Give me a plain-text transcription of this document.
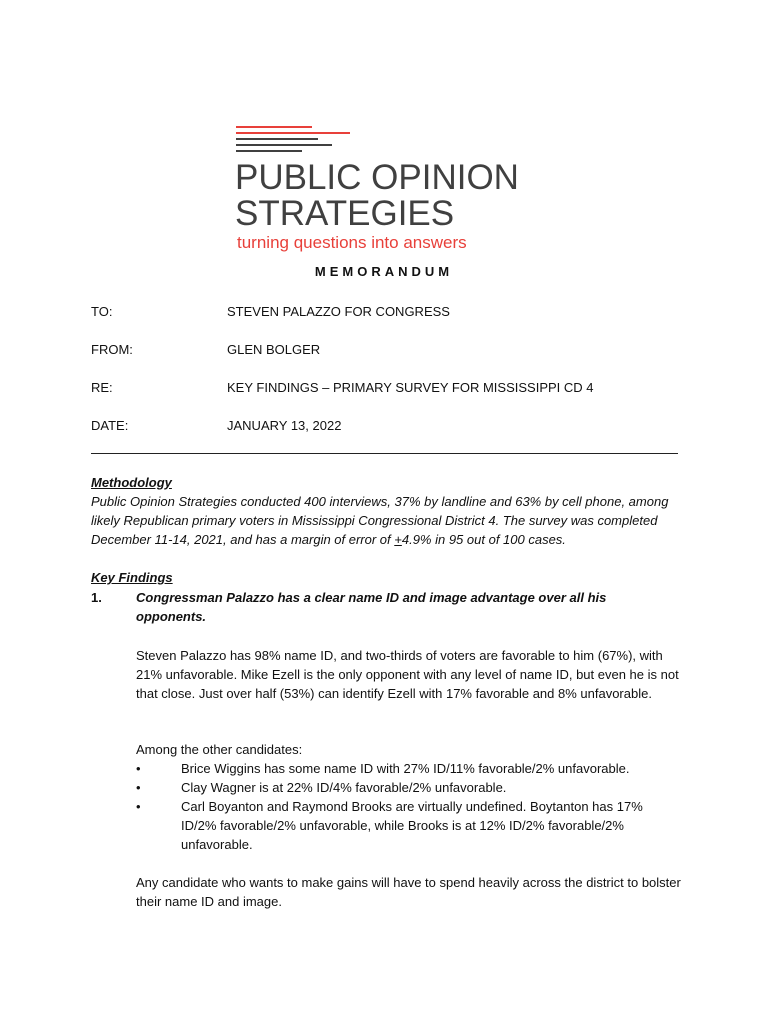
PUBLIC OPINION
STRATEGIES
turning questions into answers
MEMORANDUM
TO:	STEVEN PALAZZO FOR CONGRESS
FROM:	GLEN BOLGER
RE:	KEY FINDINGS – PRIMARY SURVEY FOR MISSISSIPPI CD 4
DATE:	JANUARY 13, 2022
Methodology
Public Opinion Strategies conducted 400 interviews, 37% by landline and 63% by cell phone, among likely Republican primary voters in Mississippi Congressional District 4. The survey was completed December 11-14, 2021, and has a margin of error of +4.9% in 95 out of 100 cases.
Key Findings
1.	Congressman Palazzo has a clear name ID and image advantage over all his opponents.
Steven Palazzo has 98% name ID, and two-thirds of voters are favorable to him (67%), with 21% unfavorable. Mike Ezell is the only opponent with any level of name ID, but even he is not that close. Just over half (53%) can identify Ezell with 17% favorable and 8% unfavorable.
Among the other candidates:
•	Brice Wiggins has some name ID with 27% ID/11% favorable/2% unfavorable.
•	Clay Wagner is at 22% ID/4% favorable/2% unfavorable.
•	Carl Boyanton and Raymond Brooks are virtually undefined. Boytanton has 17% ID/2% favorable/2% unfavorable, while Brooks is at 12% ID/2% favorable/2% unfavorable.
Any candidate who wants to make gains will have to spend heavily across the district to bolster their name ID and image.
